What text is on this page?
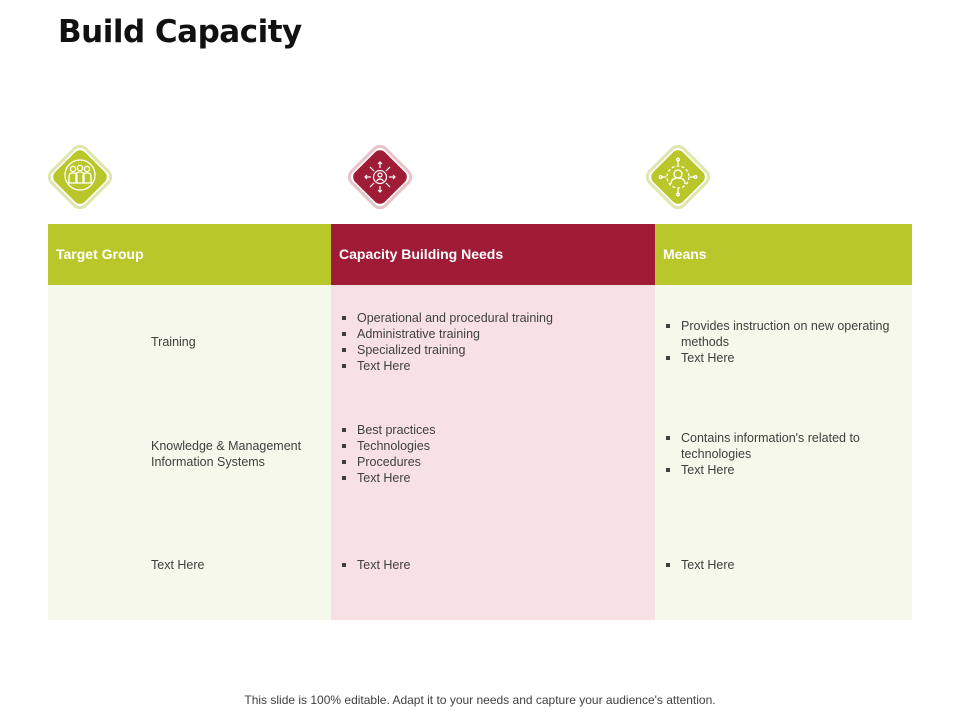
Build Capacity
Target Group
Training
Knowledge & Management Information Systems
Text Here
Capacity Building Needs
Operational and procedural training
Administrative training
Specialized training
Text Here
Best practices
Technologies
Procedures
Text Here
Text Here
Means
Provides instruction on new operating methods
Text Here
Contains information's related to technologies
Text Here
Text Here
This slide is 100% editable. Adapt it to your needs and capture your audience's attention.
